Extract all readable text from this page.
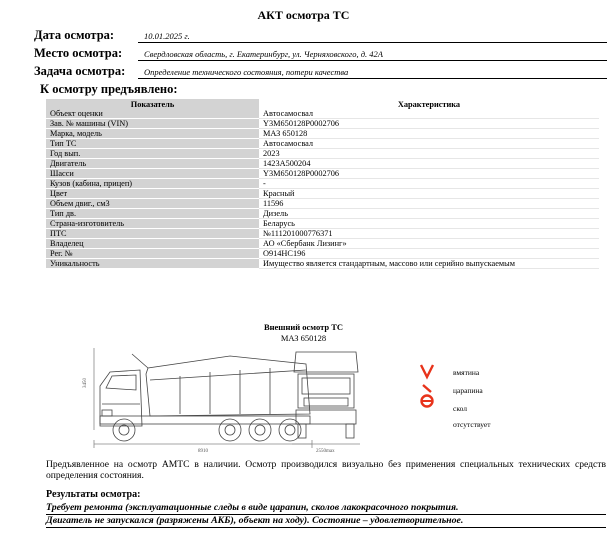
АКТ осмотра ТС
Дата осмотра:	10.01.2025 г.
Место осмотра:	Свердловская область, г. Екатеринбург, ул. Черняховского, д. 42А
Задача осмотра: Определение технического состояния, потери качества
К осмотру предъявлено:
Показатель	Характеристика
Объект оценки	Автосамосвал
Зав. № машины (VIN)	Y3M650128P0002706
Марка, модель	МАЗ 650128
Тип ТС	Автосамосвал
Год вып.	2023
Двигатель	1423А500204
Шасси	Y3M650128P0002706
Кузов (кабина, прицеп)	-
Цвет	Красный
Объем двиг., см3	11596
Тип дв.	Дизель
Страна-изготовитель	Беларусь
ПТС	№111201000776371
Владелец	АО «Сбербанк Лизинг»
Рег. №	О914НС196
Уникальность	Имущество является стандартным, массово или серийно выпускаемым
Внешний осмотр ТС
МАЗ 650128
3450
8910	2550max
вмятина
царапина
скол
отсутствует
Предъявленное на осмотр АМТС в наличии. Осмотр производился визуально без применения специальных технических средств определения состояния.
Результаты осмотра:
Требует ремонта (эксплуатационные следы в виде царапин, сколов лакокрасочного покрытия.
Двигатель не запускался (разряжены АКБ), объект на ходу). Состояние – удовлетворительное.
